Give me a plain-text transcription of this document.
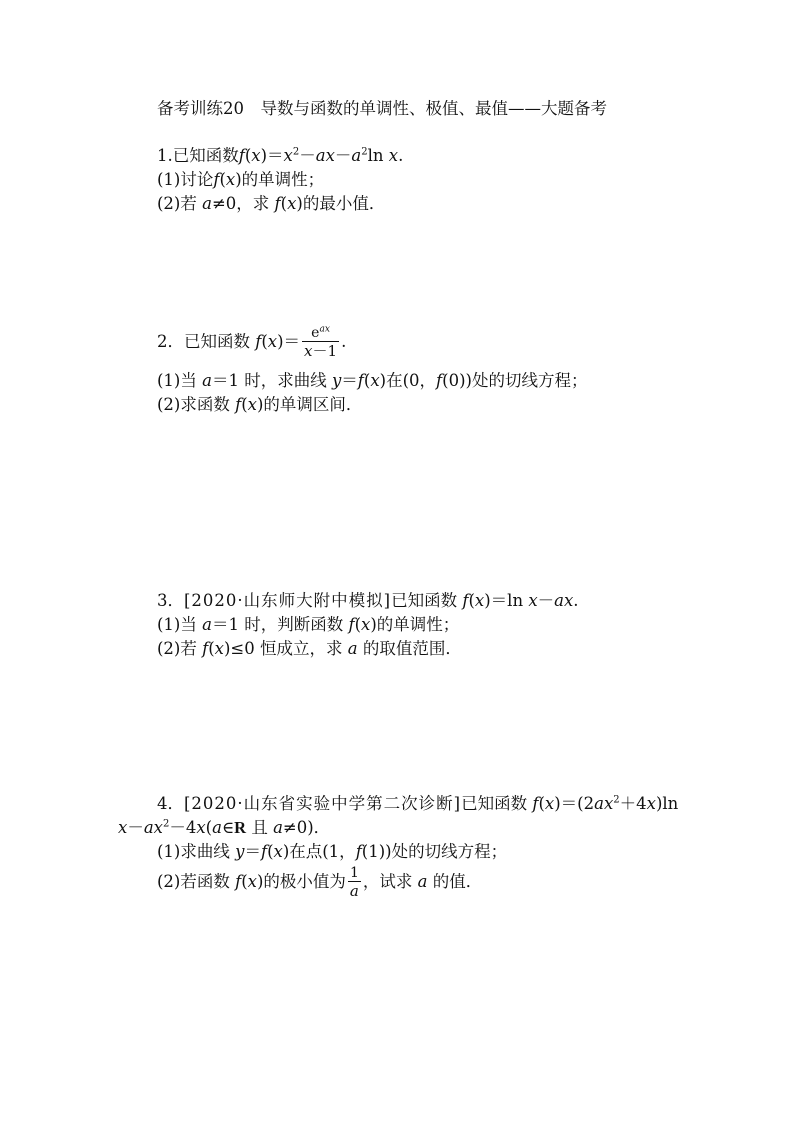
备考训练20　导数与函数的单调性、极值、最值——大题备考
1.已知函数$f(x)=x^2-ax-a^2\ln$ x.
(1)讨论f(x)的单调性；
(2)若 a≠0，求 f(x)的最小值．
2．已知函数 $f(x)= \frac{e^{ax}}{x-1}$ .
(1)当 a＝1 时，求曲线 y＝f(x)在(0，f(0))处的切线方程；
(2)求函数 f(x)的单调区间．
3．[2020·山东师大附中模拟]已知函数 f(x)＝ln x－ax.
(1)当 a＝1 时，判断函数 f(x)的单调性；
(2)若 f(x)≤0 恒成立，求 a 的取值范围．
4．[2020·山东省实验中学第二次诊断]已知函数 $f(x)=(2ax^2+4x)\ln$
$x-ax^2-4x(a\in R$ 且 a≠0)．
(1)求曲线 y＝f(x)在点(1，f(1))处的切线方程；
(2)若函数 f(x)的极小值为 $\frac{1}{a}$ ，试求 a 的值．
